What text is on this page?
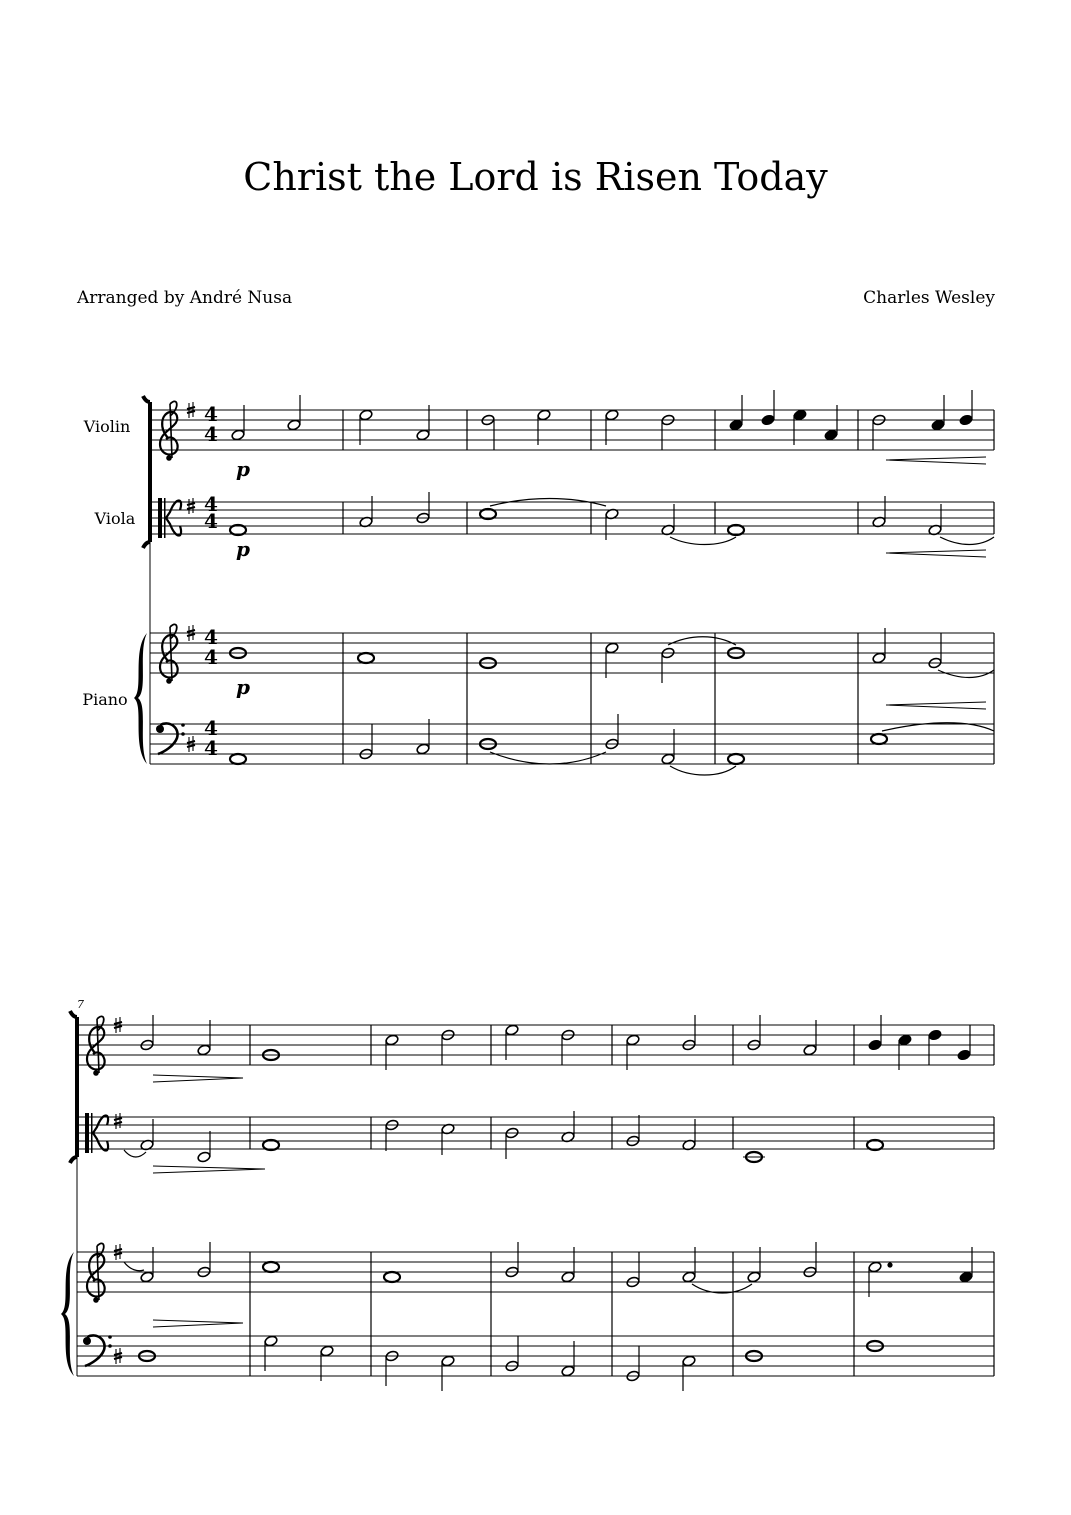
Christ the Lord is Risen Today
Arranged by André Nusa	Charles Wesley
Violin
Viola
Piano
4
4
4
4
4
4
4
4
p
p
p
7
